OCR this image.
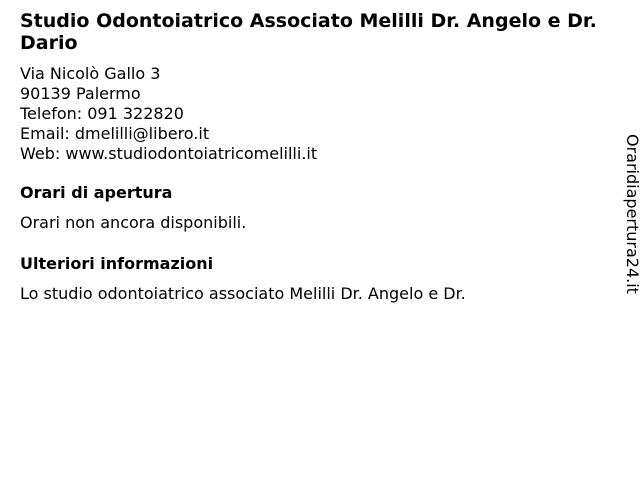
Studio Odontoiatrico Associato Melilli Dr. Angelo e Dr. Dario
Via Nicolò Gallo 3
90139 Palermo
Telefon: 091 322820
Email: dmelilli@libero.it
Web: www.studiodontoiatricomelilli.it
Orari di apertura
Orari non ancora disponibili.
Ulteriori informazioni
Lo studio odontoiatrico associato Melilli Dr. Angelo e Dr.	Oraridiapertura24.it
